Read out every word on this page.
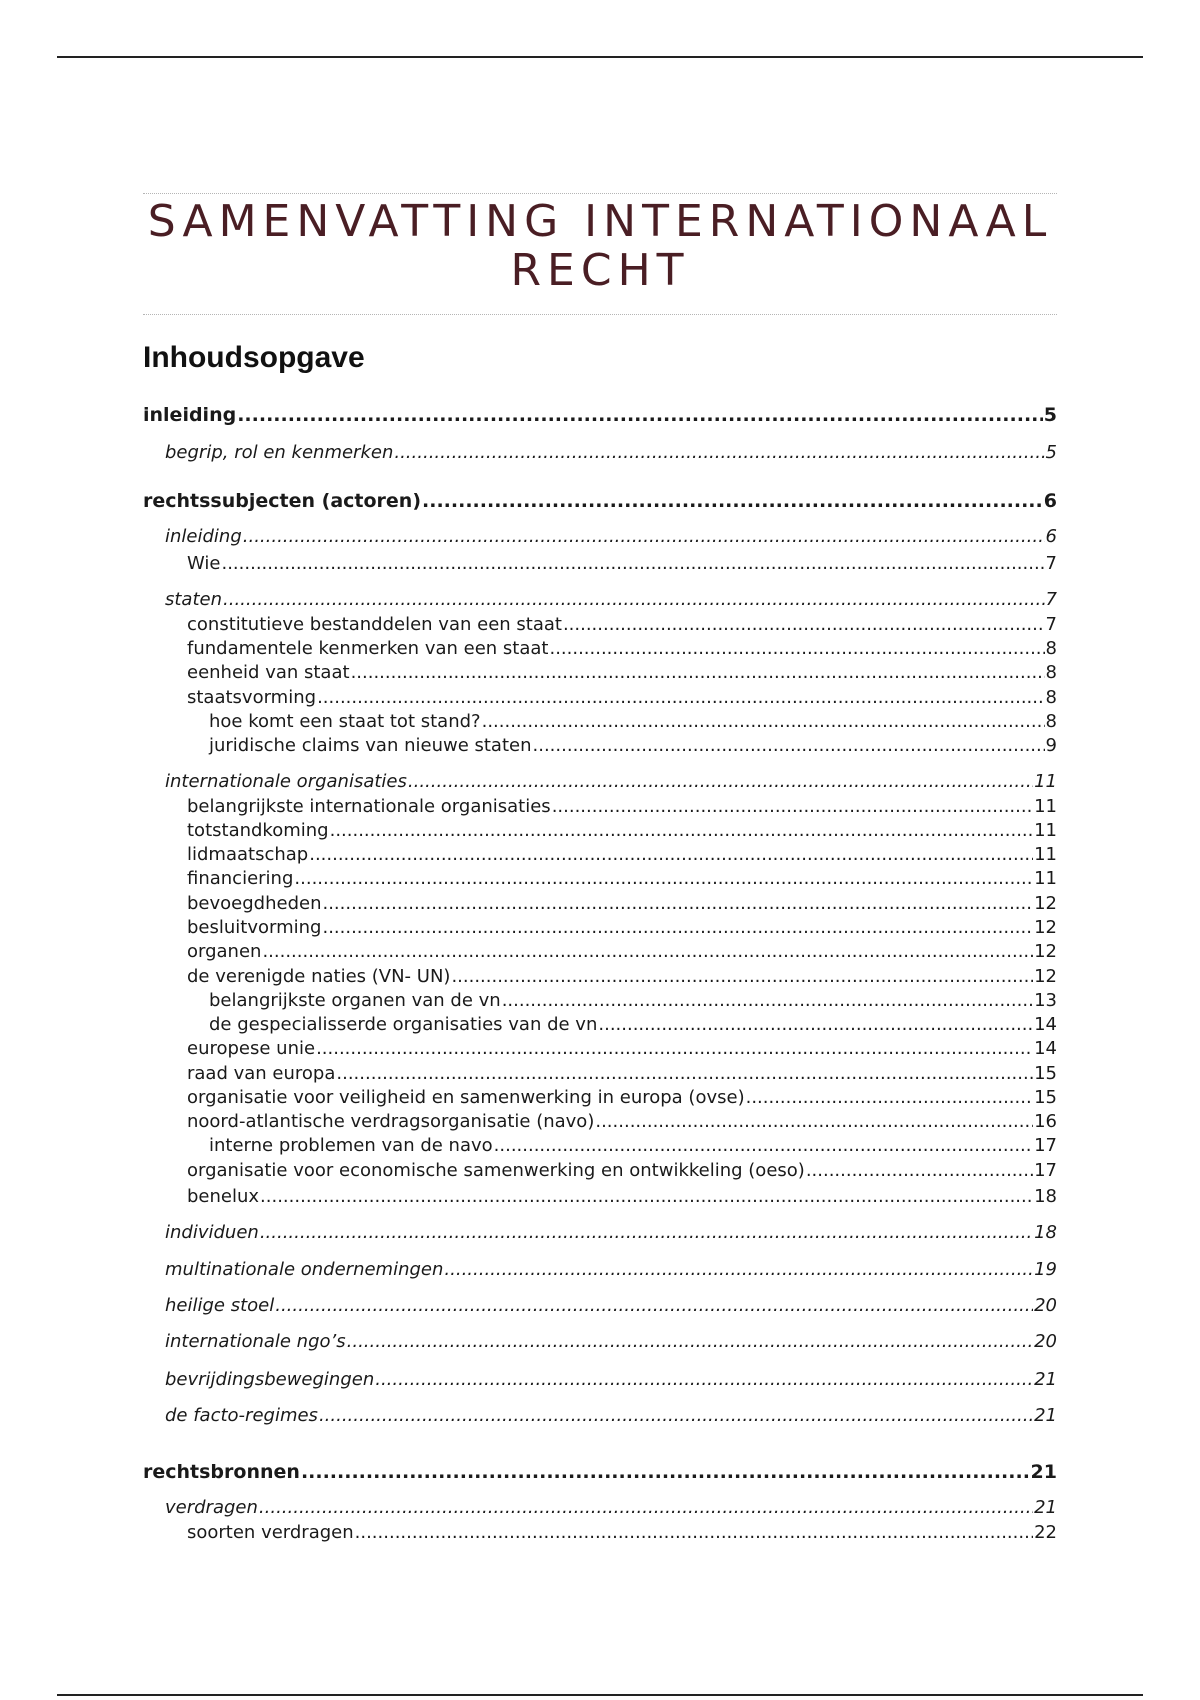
SAMENVATTING INTERNATIONAAL
RECHT
Inhoudsopgave
inleiding .....	5
begrip, rol en kenmerken .....	5
rechtssubjecten (actoren) .....	6
inleiding .....	6
Wie .....	7
staten .....	7
constitutieve bestanddelen van een staat .....	7
fundamentele kenmerken van een staat .....	8
eenheid van staat .....	8
staatsvorming .....	8
hoe komt een staat tot stand? .....	8
juridische claims van nieuwe staten .....	9
internationale organisaties .....	11
belangrijkste internationale organisaties .....	11
totstandkoming .....	11
lidmaatschap .....	11
financiering .....	11
bevoegdheden .....	12
besluitvorming .....	12
organen .....	12
de verenigde naties (VN- UN) .....	12
belangrijkste organen van de vn .....	13
de gespecialisserde organisaties van de vn .....	14
europese unie .....	14
raad van europa .....	15
organisatie voor veiligheid en samenwerking in europa (ovse) .....	15
noord-atlantische verdragsorganisatie (navo) .....	16
interne problemen van de navo .....	17
organisatie voor economische samenwerking en ontwikkeling (oeso) .....	17
benelux .....	18
individuen .....	18
multinationale ondernemingen .....	19
heilige stoel .....	20
internationale ngo’s .....	20
bevrijdingsbewegingen .....	21
de facto-regimes .....	21
rechtsbronnen .....	21
verdragen .....	21
soorten verdragen .....	22
